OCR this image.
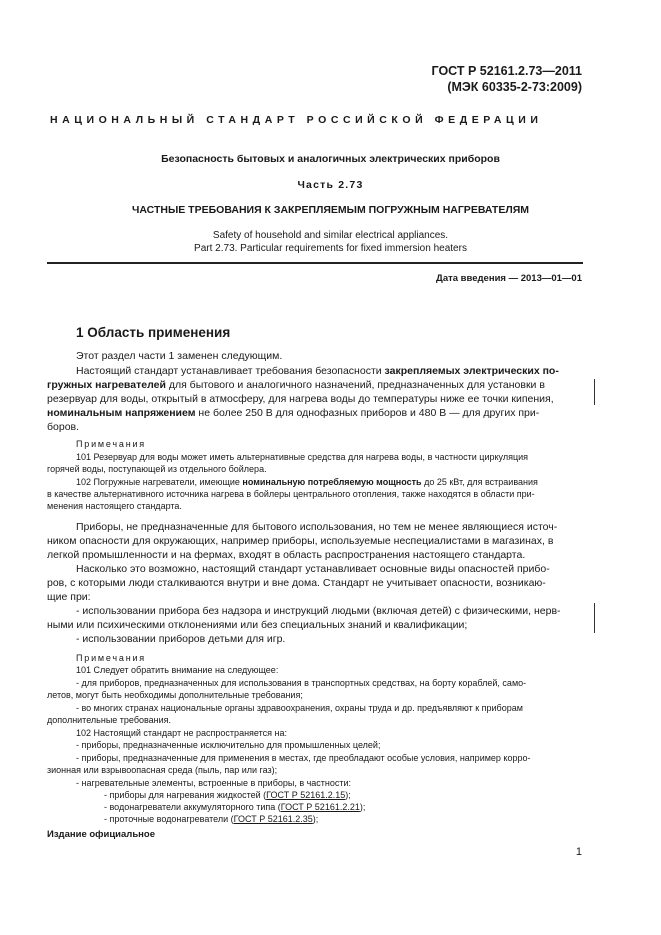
ГОСТ Р 52161.2.73—2011
(МЭК 60335-2-73:2009)
НАЦИОНАЛЬНЫЙ СТАНДАРТ РОССИЙСКОЙ ФЕДЕРАЦИИ
Безопасность бытовых и аналогичных электрических приборов
Часть 2.73
ЧАСТНЫЕ ТРЕБОВАНИЯ К ЗАКРЕПЛЯЕМЫМ ПОГРУЖНЫМ НАГРЕВАТЕЛЯМ
Safety of household and similar electrical appliances.
Part 2.73. Particular requirements for fixed immersion heaters
Дата введения — 2013—01—01
1 Область применения
Этот раздел части 1 заменен следующим.
Настоящий стандарт устанавливает требования безопасности закрепляемых электрических по-
гружных нагревателей для бытового и аналогичного назначений, предназначенных для установки в
резервуар для воды, открытый в атмосферу, для нагрева воды до температуры ниже ее точки кипения,
номинальным напряжением не более 250 В для однофазных приборов и 480 В — для других при-
боров.
Примечания
101 Резервуар для воды может иметь альтернативные средства для нагрева воды, в частности циркуляция
горячей воды, поступающей из отдельного бойлера.
102 Погружные нагреватели, имеющие номинальную потребляемую мощность до 25 кВт, для встраивания
в качестве альтернативного источника нагрева в бойлеры центрального отопления, также находятся в области при-
менения настоящего стандарта.
Приборы, не предназначенные для бытового использования, но тем не менее являющиеся источ-
ником опасности для окружающих, например приборы, используемые неспециалистами в магазинах, в
легкой промышленности и на фермах, входят в область распространения настоящего стандарта.
Насколько это возможно, настоящий стандарт устанавливает основные виды опасностей прибо-
ров, с которыми люди сталкиваются внутри и вне дома. Стандарт не учитывает опасности, возникаю-
щие при:
- использовании прибора без надзора и инструкций людьми (включая детей) с физическими, нерв-
ными или психическими отклонениями или без специальных знаний и квалификации;
- использовании приборов детьми для игр.
Примечания
101 Следует обратить внимание на следующее:
- для приборов, предназначенных для использования в транспортных средствах, на борту кораблей, само-
летов, могут быть необходимы дополнительные требования;
- во многих странах национальные органы здравоохранения, охраны труда и др. предъявляют к приборам
дополнительные требования.
102 Настоящий стандарт не распространяется на:
- приборы, предназначенные исключительно для промышленных целей;
- приборы, предназначенные для применения в местах, где преобладают особые условия, например корро-
зионная или взрывоопасная среда (пыль, пар или газ);
- нагревательные элементы, встроенные в приборы, в частности:
- приборы для нагревания жидкостей (ГОСТ Р 52161.2.15);
- водонагреватели аккумуляторного типа (ГОСТ Р 52161.2.21);
- проточные водонагреватели (ГОСТ Р 52161.2.35);
Издание официальное
1
